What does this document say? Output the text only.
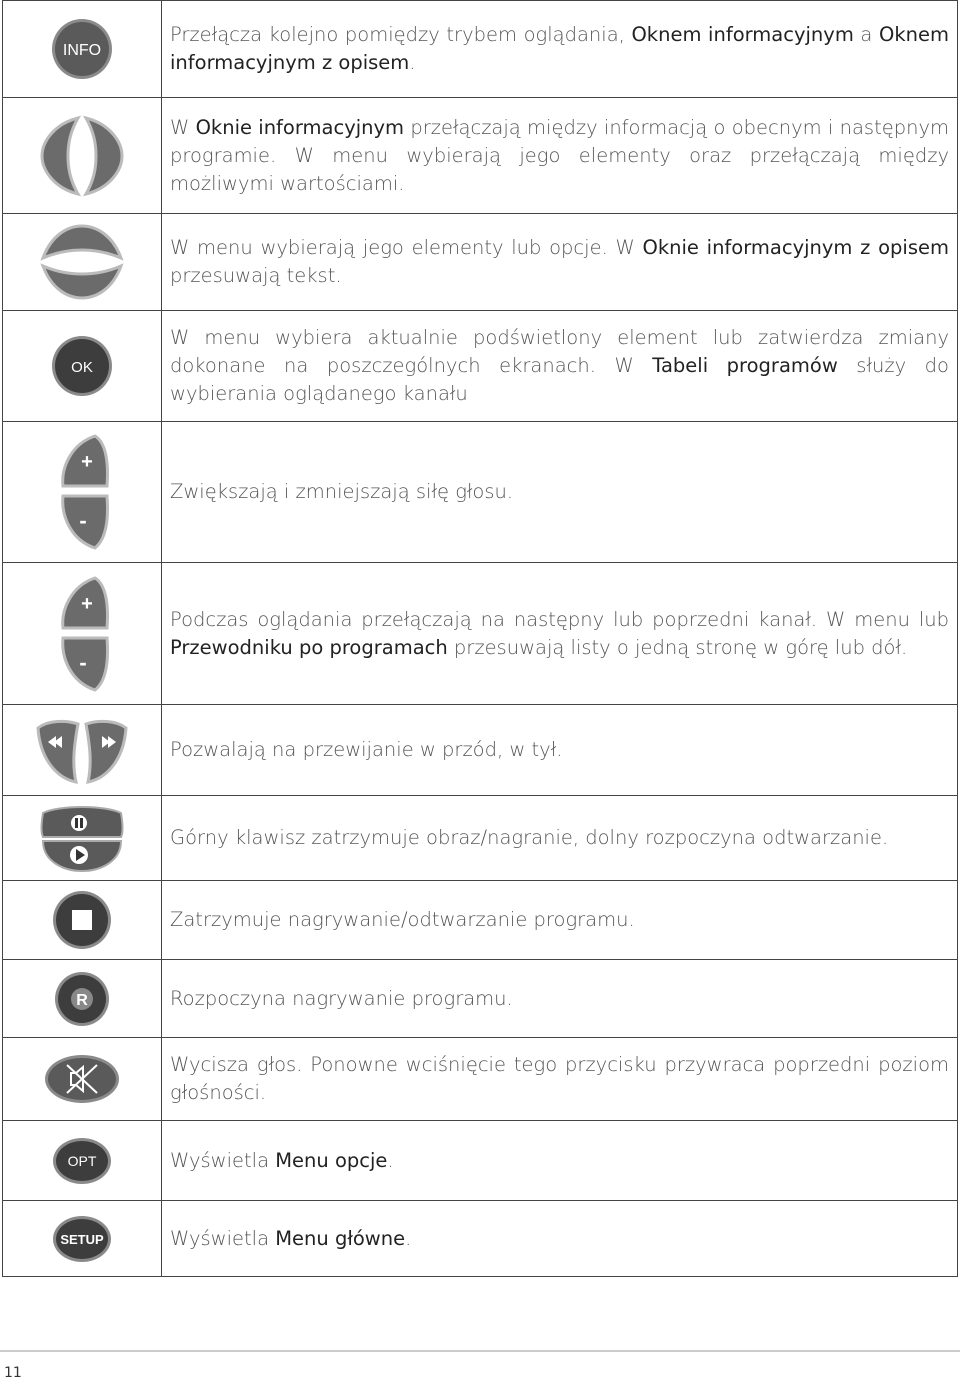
INFO	Przełącza kolejno pomiędzy trybem oglądania, Oknem informacyjnym a Oknem informacyjnym z opisem.

W Oknie informacyjnym przełączają między informacją o obecnym i następnym programie. W menu wybierają jego elementy oraz przełączają między możliwymi wartościami.

W menu wybierają jego elementy lub opcje. W Oknie informacyjnym z opisem przesuwają tekst.

OK	W menu wybiera aktualnie podświetlony element lub zatwierdza zmiany dokonane na poszczególnych ekranach. W Tabeli programów służy do wybierania oglądanego kanału

+
-	Zwiększają i zmniejszają siłę głosu.

+
-	Podczas oglądania przełączają na następny lub poprzedni kanał. W menu lub Przewodniku po programach przesuwają listy o jedną stronę w górę lub dół.

Pozwalają na przewijanie w przód, w tył.

Górny klawisz zatrzymuje obraz/nagranie, dolny rozpoczyna odtwarzanie.

Zatrzymuje nagrywanie/odtwarzanie programu.

R	Rozpoczyna nagrywanie programu.

Wycisza głos. Ponowne wciśnięcie tego przycisku przywraca poprzedni poziom głośności.

OPT	Wyświetla Menu opcje.

SETUP	Wyświetla Menu główne.

11
